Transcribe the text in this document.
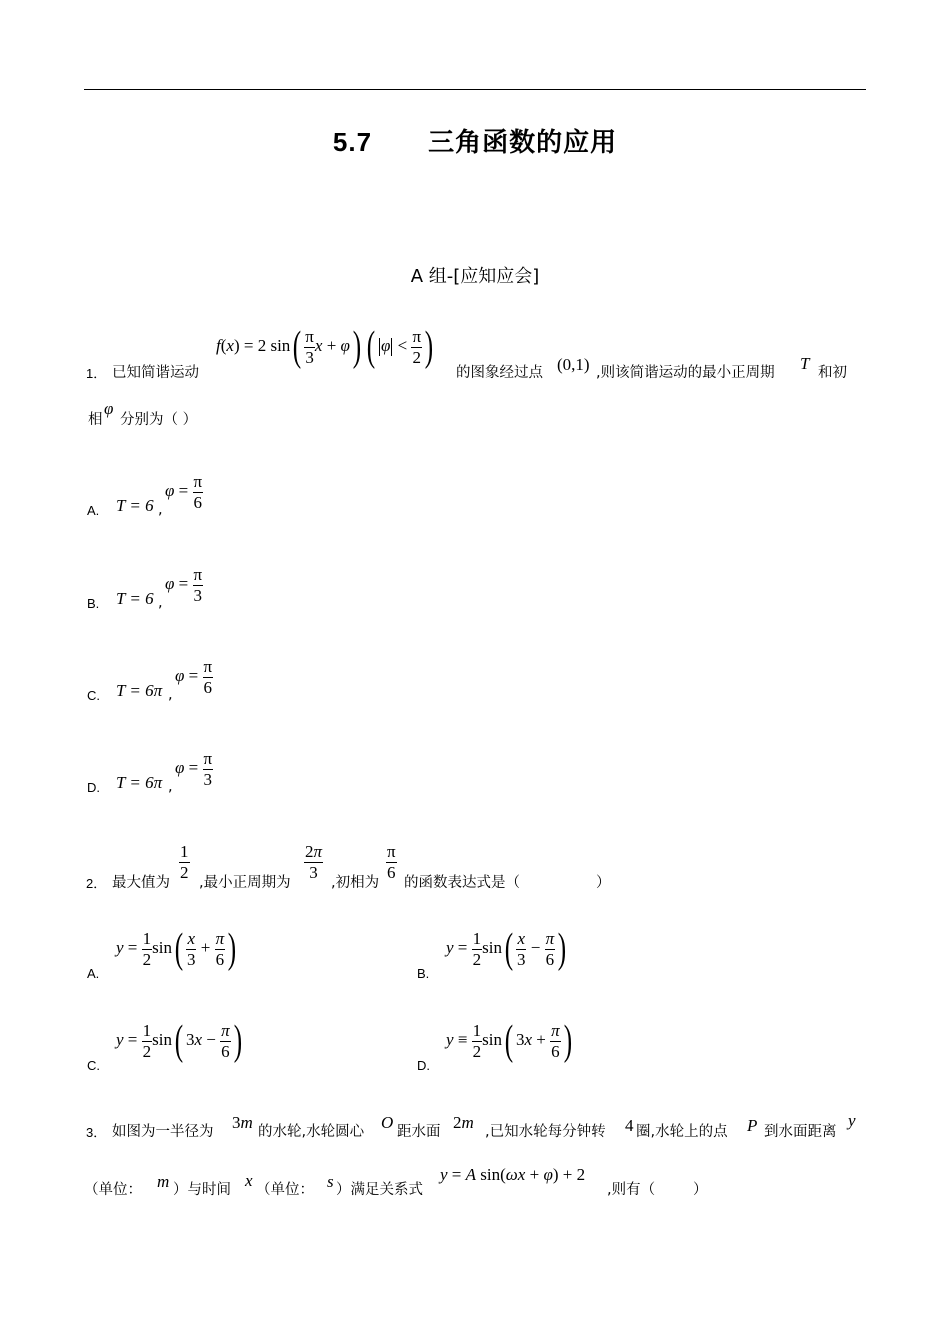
5.7 三角函数的应用
A 组-[应知应会]
1． 已知简谐运动
f(x) = 2 $\sin( \frac{\pi}{3}$ x + φ) ( $\varphi < \frac{\pi}{2}$ )
的图象经过点 (0,1) ,则该简谐运动的最小正周期 T 和初
相
φ
分别为（ ）
A. T = 6 ,
$\varphi = \frac{\pi}{6}$
B. T = 6 ,
$\varphi = \frac{\pi}{3}$
C. T = 6π ,
$\varphi = \frac{\pi}{6}$
D. T = 6π ,
$\varphi = \frac{\pi}{3}$
2． 最大值为
$\frac{1}{2}$
,最小正周期为
$\frac{2\pi}{3}$
,初相为
$\frac{\pi}{6}$
的函数表达式是（	）
A.
$y = \frac{1}{2} \sin( \frac{x}{3} + \frac{\pi}{6}$ )
B.
$y = \frac{1}{2} \sin( \frac{x}{3} - \frac{\pi}{6}$ )
C.
$y = \frac{1}{2} \sin$( $3x - \frac{\pi}{6}$ )
D.
$y \equiv \frac{1}{2} \sin$( $3x + \frac{\pi}{6}$ )
3． 如图为一半径为 3m 的水轮,水轮圆心 O 距水面 2m ,已知水轮每分钟转 4 圈,水轮上的点 P 到水面距离
y
（单位： m ）与时间 x （单位： s ）满足关系式
y = A sin(ωx + φ) + 2
,则有（	）
